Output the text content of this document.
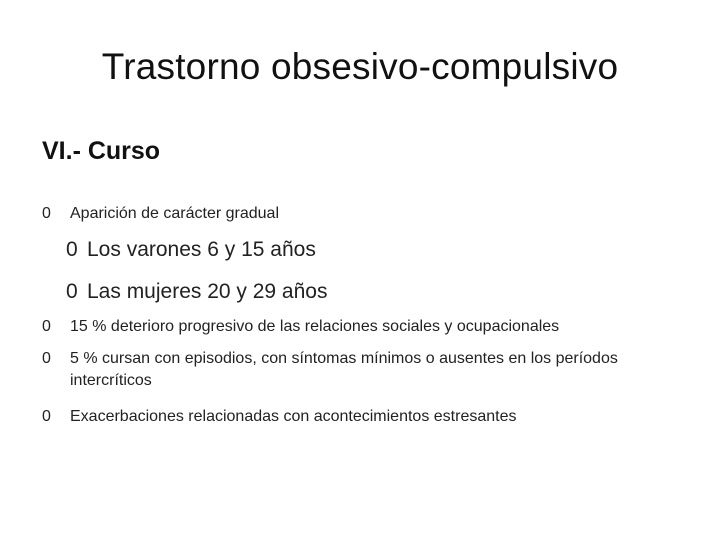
Trastorno obsesivo-compulsivo
VI.- Curso
0	Aparición de carácter gradual
0 Los varones 6 y 15 años
0 Las mujeres 20 y 29 años
0	15 % deterioro progresivo de las relaciones sociales y ocupacionales
0	5 % cursan con episodios, con síntomas mínimos o ausentes en los períodos intercríticos
0	Exacerbaciones relacionadas con acontecimientos estresantes
